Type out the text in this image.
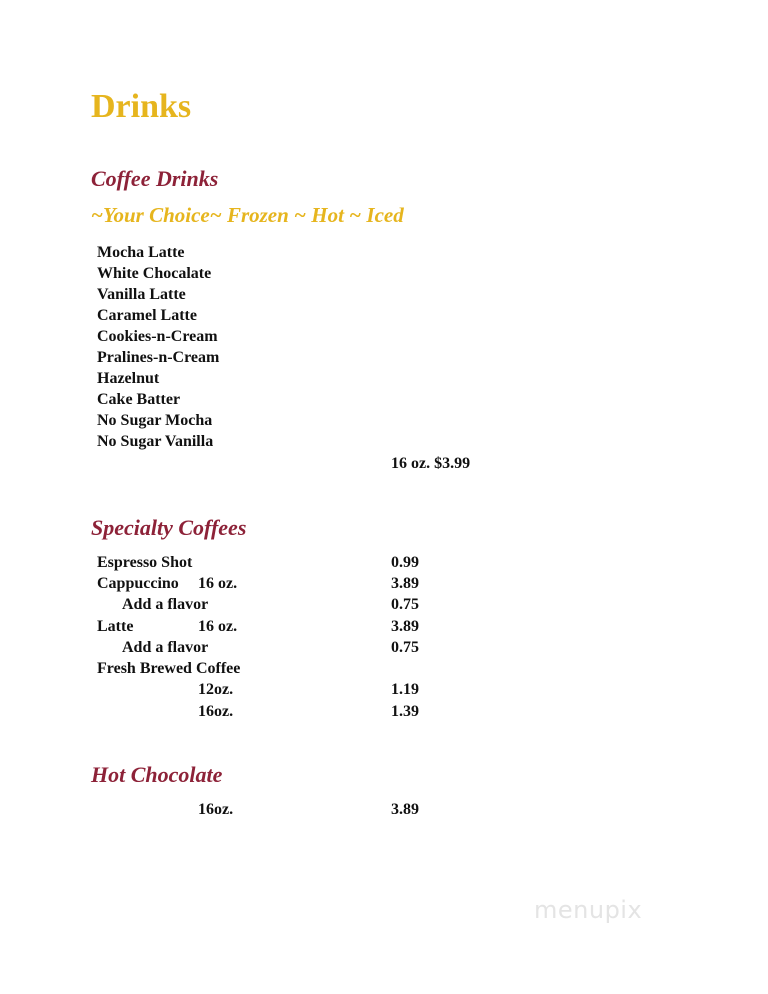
Drinks
Coffee Drinks
~Your Choice~ Frozen ~ Hot ~ Iced
Mocha Latte
White Chocalate
Vanilla Latte
Caramel Latte
Cookies-n-Cream
Pralines-n-Cream
Hazelnut
Cake Batter
No Sugar Mocha
No Sugar Vanilla
16 oz. $3.99
Specialty Coffees
Espresso Shot	0.99
Cappuccino 16 oz.	3.89
Add a flavor	0.75
Latte	16 oz.	3.89
Add a flavor	0.75
Fresh Brewed Coffee
12oz.	1.19
16oz.	1.39
Hot Chocolate
16oz.	3.89
menupix
